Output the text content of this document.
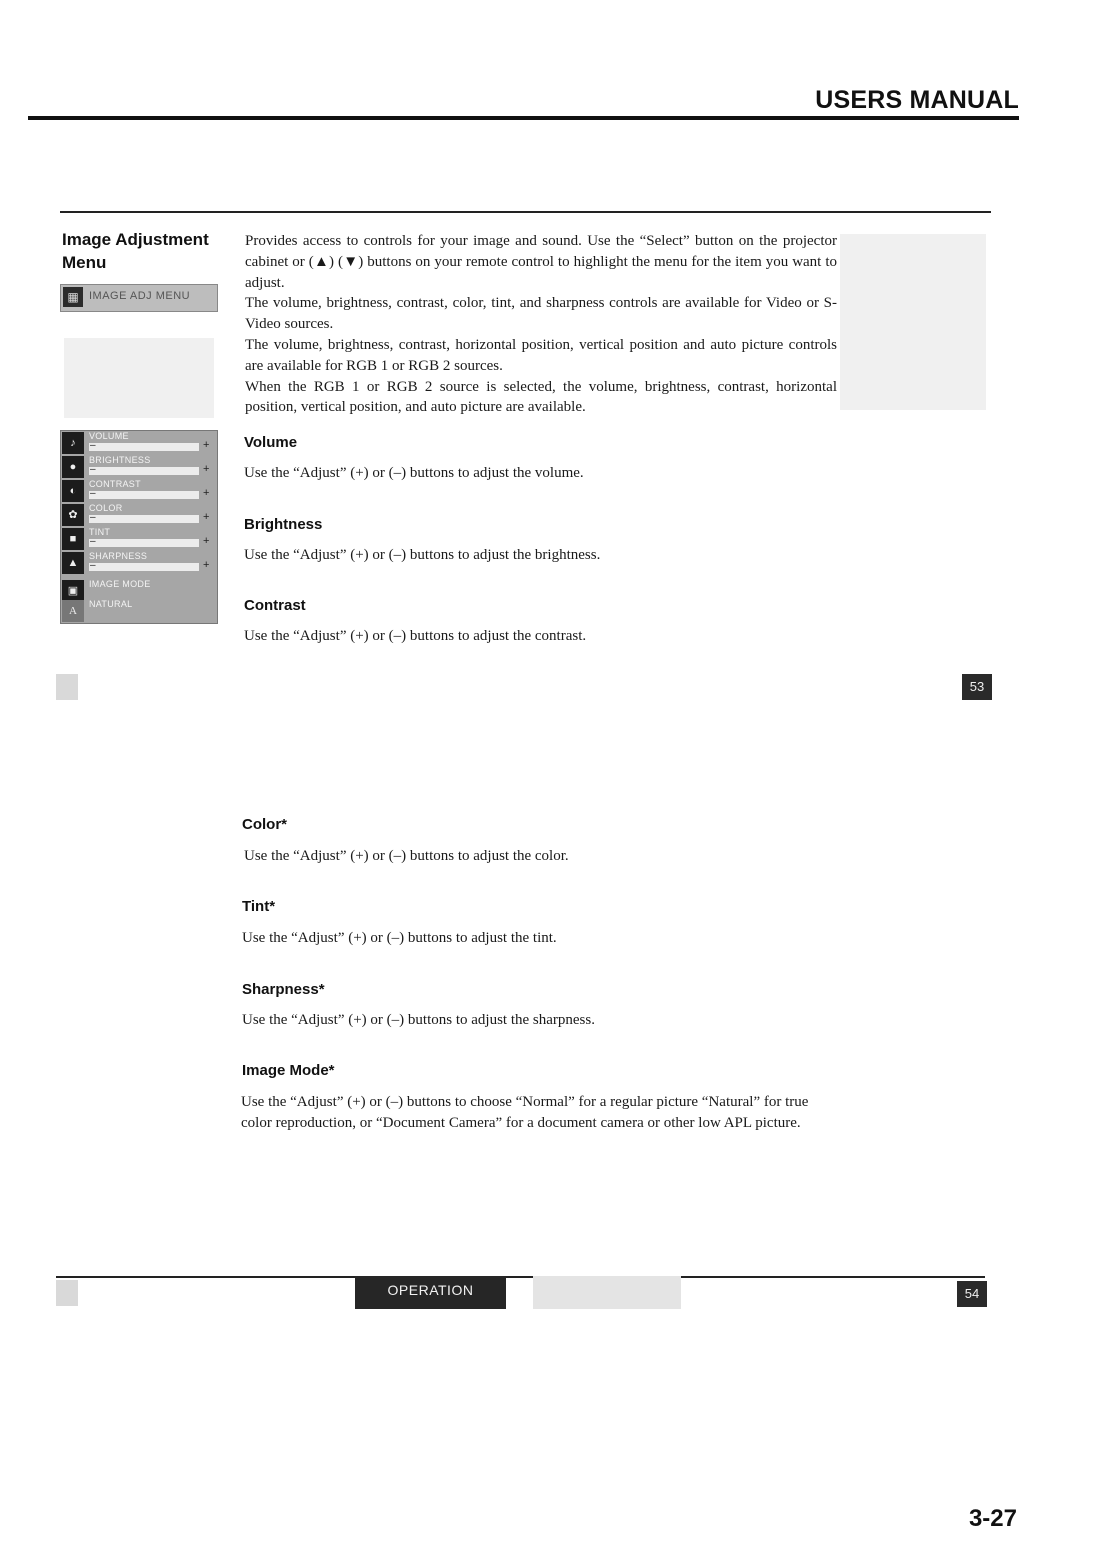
USERS MANUAL
Image Adjustment
Menu
▦ IMAGE ADJ MENU

Provides access to controls for your image and sound. Use the “Select” button on the projector cabinet or (▲) (▼) buttons on your remote control to highlight the menu for the item you want to adjust.

The volume, brightness, contrast, color, tint, and sharpness controls are available for Video or S-Video sources.

The volume, brightness, contrast, horizontal position, vertical position and auto picture controls are available for RGB 1 or RGB 2 sources.

When the RGB 1 or RGB 2 source is selected, the volume, brightness, contrast, horizontal position, vertical position, and auto picture are available.

♪
VOLUME
–	+
●
BRIGHTNESS
–	+
◐
CONTRAST
–	+
✿
COLOR
–	+
■
TINT
–	+
▲
SHARPNESS
–	+
▣
IMAGE MODE
A
NATURAL
Volume
Use the “Adjust” (+) or (–) buttons to adjust the volume.
Brightness
Use the “Adjust” (+) or (–) buttons to adjust the brightness.
Contrast
Use the “Adjust” (+) or (–) buttons to adjust the contrast.
53
Color*
Use the “Adjust” (+) or (–) buttons to adjust the color.
Tint*
Use the “Adjust” (+) or (–) buttons to adjust the tint.
Sharpness*
Use the “Adjust” (+) or (–) buttons to adjust the sharpness.
Image Mode*
Use the “Adjust” (+) or (–) buttons to choose “Normal” for a regular picture “Natural” for true color reproduction, or “Document Camera” for a document camera or other low APL picture.
OPERATION	54
3-27
